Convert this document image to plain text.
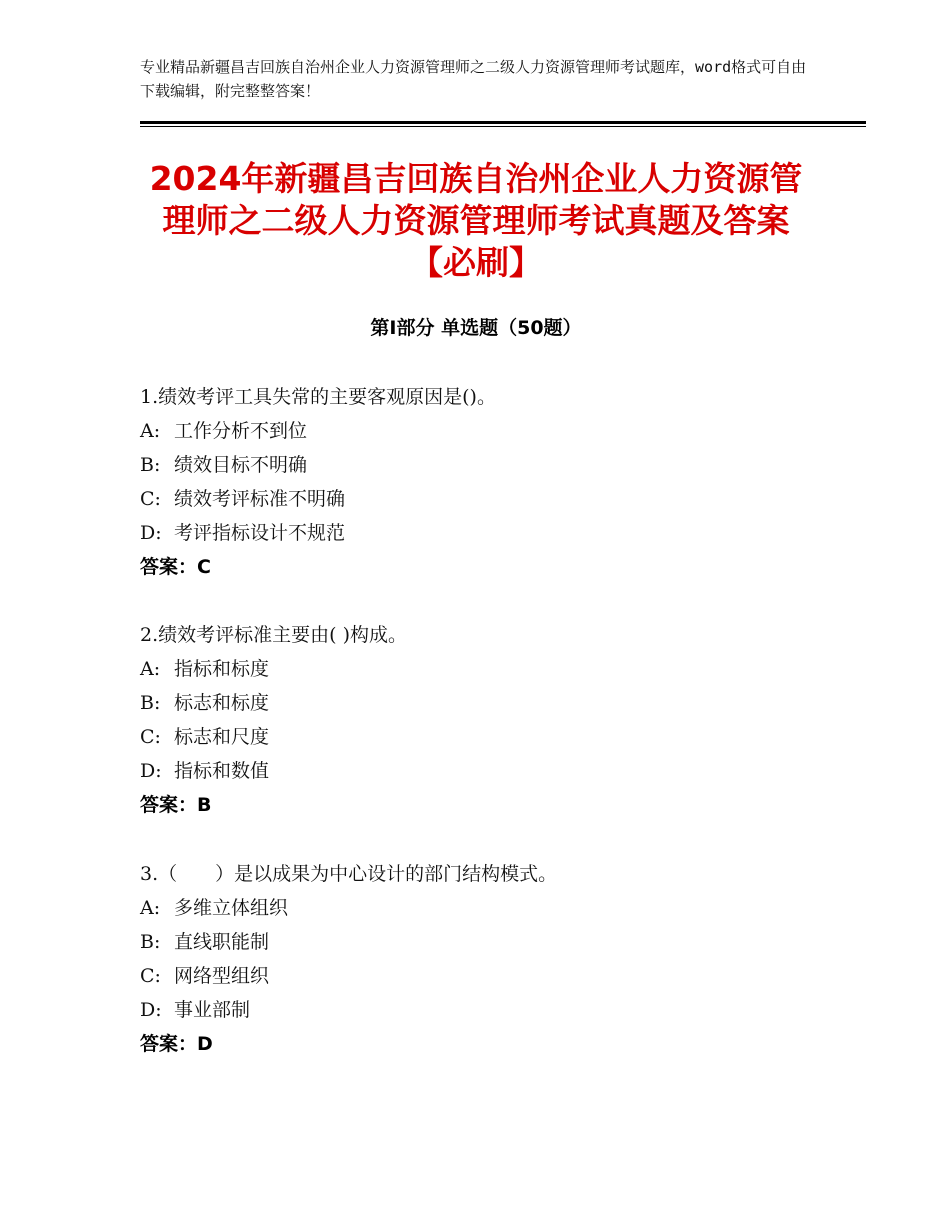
专业精品新疆昌吉回族自治州企业人力资源管理师之二级人力资源管理师考试题库，word格式可自由下载编辑，附完整整答案！
2024年新疆昌吉回族自治州企业人力资源管理师之二级人力资源管理师考试真题及答案【必刷】
第Ⅰ部分 单选题（50题）
1.绩效考评工具失常的主要客观原因是()。
A: 工作分析不到位
B: 绩效目标不明确
C: 绩效考评标准不明确
D: 考评指标设计不规范
答案：C
2.绩效考评标准主要由( )构成。
A: 指标和标度
B: 标志和标度
C: 标志和尺度
D: 指标和数值
答案：B
3.（　　）是以成果为中心设计的部门结构模式。
A: 多维立体组织
B: 直线职能制
C: 网络型组织
D: 事业部制
答案：D
